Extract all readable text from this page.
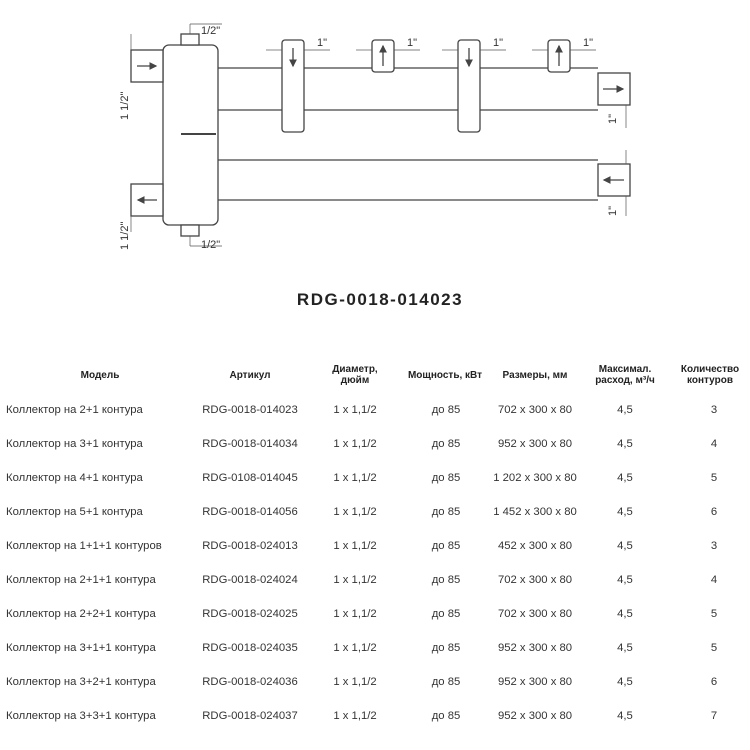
1/2"
1/2"
1 1/2"
1 1/2"
1"	1"	1"	1"
1"
1"
RDG-0018-014023
Модель	Артикул
Диаметр,
дюйм	Мощность, кВт	Размеры, мм
Максимал.
расход, м³/ч
Количество
контуров
Коллектор на 2+1 контура	RDG-0018-014023	1 x 1,1/2	до 85	702 х 300 х 80	4,5	3
Коллектор на 3+1 контура	RDG-0018-014034	1 x 1,1/2	до 85	952 х 300 х 80	4,5	4
Коллектор на 4+1 контура	RDG-0108-014045	1 x 1,1/2	до 85	1 202 х 300 х 80	4,5	5
Коллектор на 5+1 контура	RDG-0018-014056	1 x 1,1/2	до 85	1 452 х 300 х 80	4,5	6
Коллектор на 1+1+1 контуров	RDG-0018-024013	1 x 1,1/2	до 85	452 х 300 х 80	4,5	3
Коллектор на 2+1+1 контура	RDG-0018-024024	1 x 1,1/2	до 85	702 х 300 х 80	4,5	4
Коллектор на 2+2+1 контура	RDG-0018-024025	1 x 1,1/2	до 85	702 х 300 х 80	4,5	5
Коллектор на 3+1+1 контура	RDG-0018-024035	1 x 1,1/2	до 85	952 х 300 х 80	4,5	5
Коллектор на 3+2+1 контура	RDG-0018-024036	1 x 1,1/2	до 85	952 х 300 х 80	4,5	6
Коллектор на 3+3+1 контура	RDG-0018-024037	1 x 1,1/2	до 85	952 х 300 х 80	4,5	7
